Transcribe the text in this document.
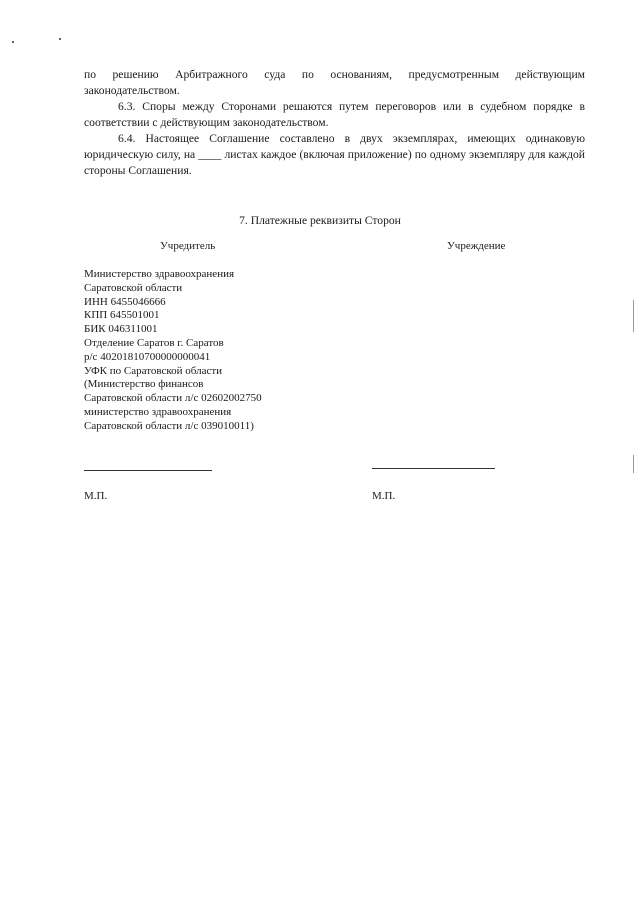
по решению Арбитражного суда по основаниям, предусмотренным действующим законодательством.

6.3. Споры между Сторонами решаются путем переговоров или в судебном порядке в соответствии с действующим законодательством.

6.4. Настоящее Соглашение составлено в двух экземплярах, имеющих одинаковую юридическую силу, на ____ листах каждое (включая приложение) по одному экземпляру для каждой стороны Соглашения.

7. Платежные реквизиты Сторон

Учредитель	Учреждение
Министерство здравоохранения
Саратовской области
ИНН 6455046666
КПП 645501001
БИК 046311001
Отделение Саратов г. Саратов
р/с 40201810700000000041
УФК по Саратовской области
(Министерство финансов
Саратовской области л/с 02602002750
министерство здравоохранения
Саратовской области л/с 039010011)
М.П.	М.П.
